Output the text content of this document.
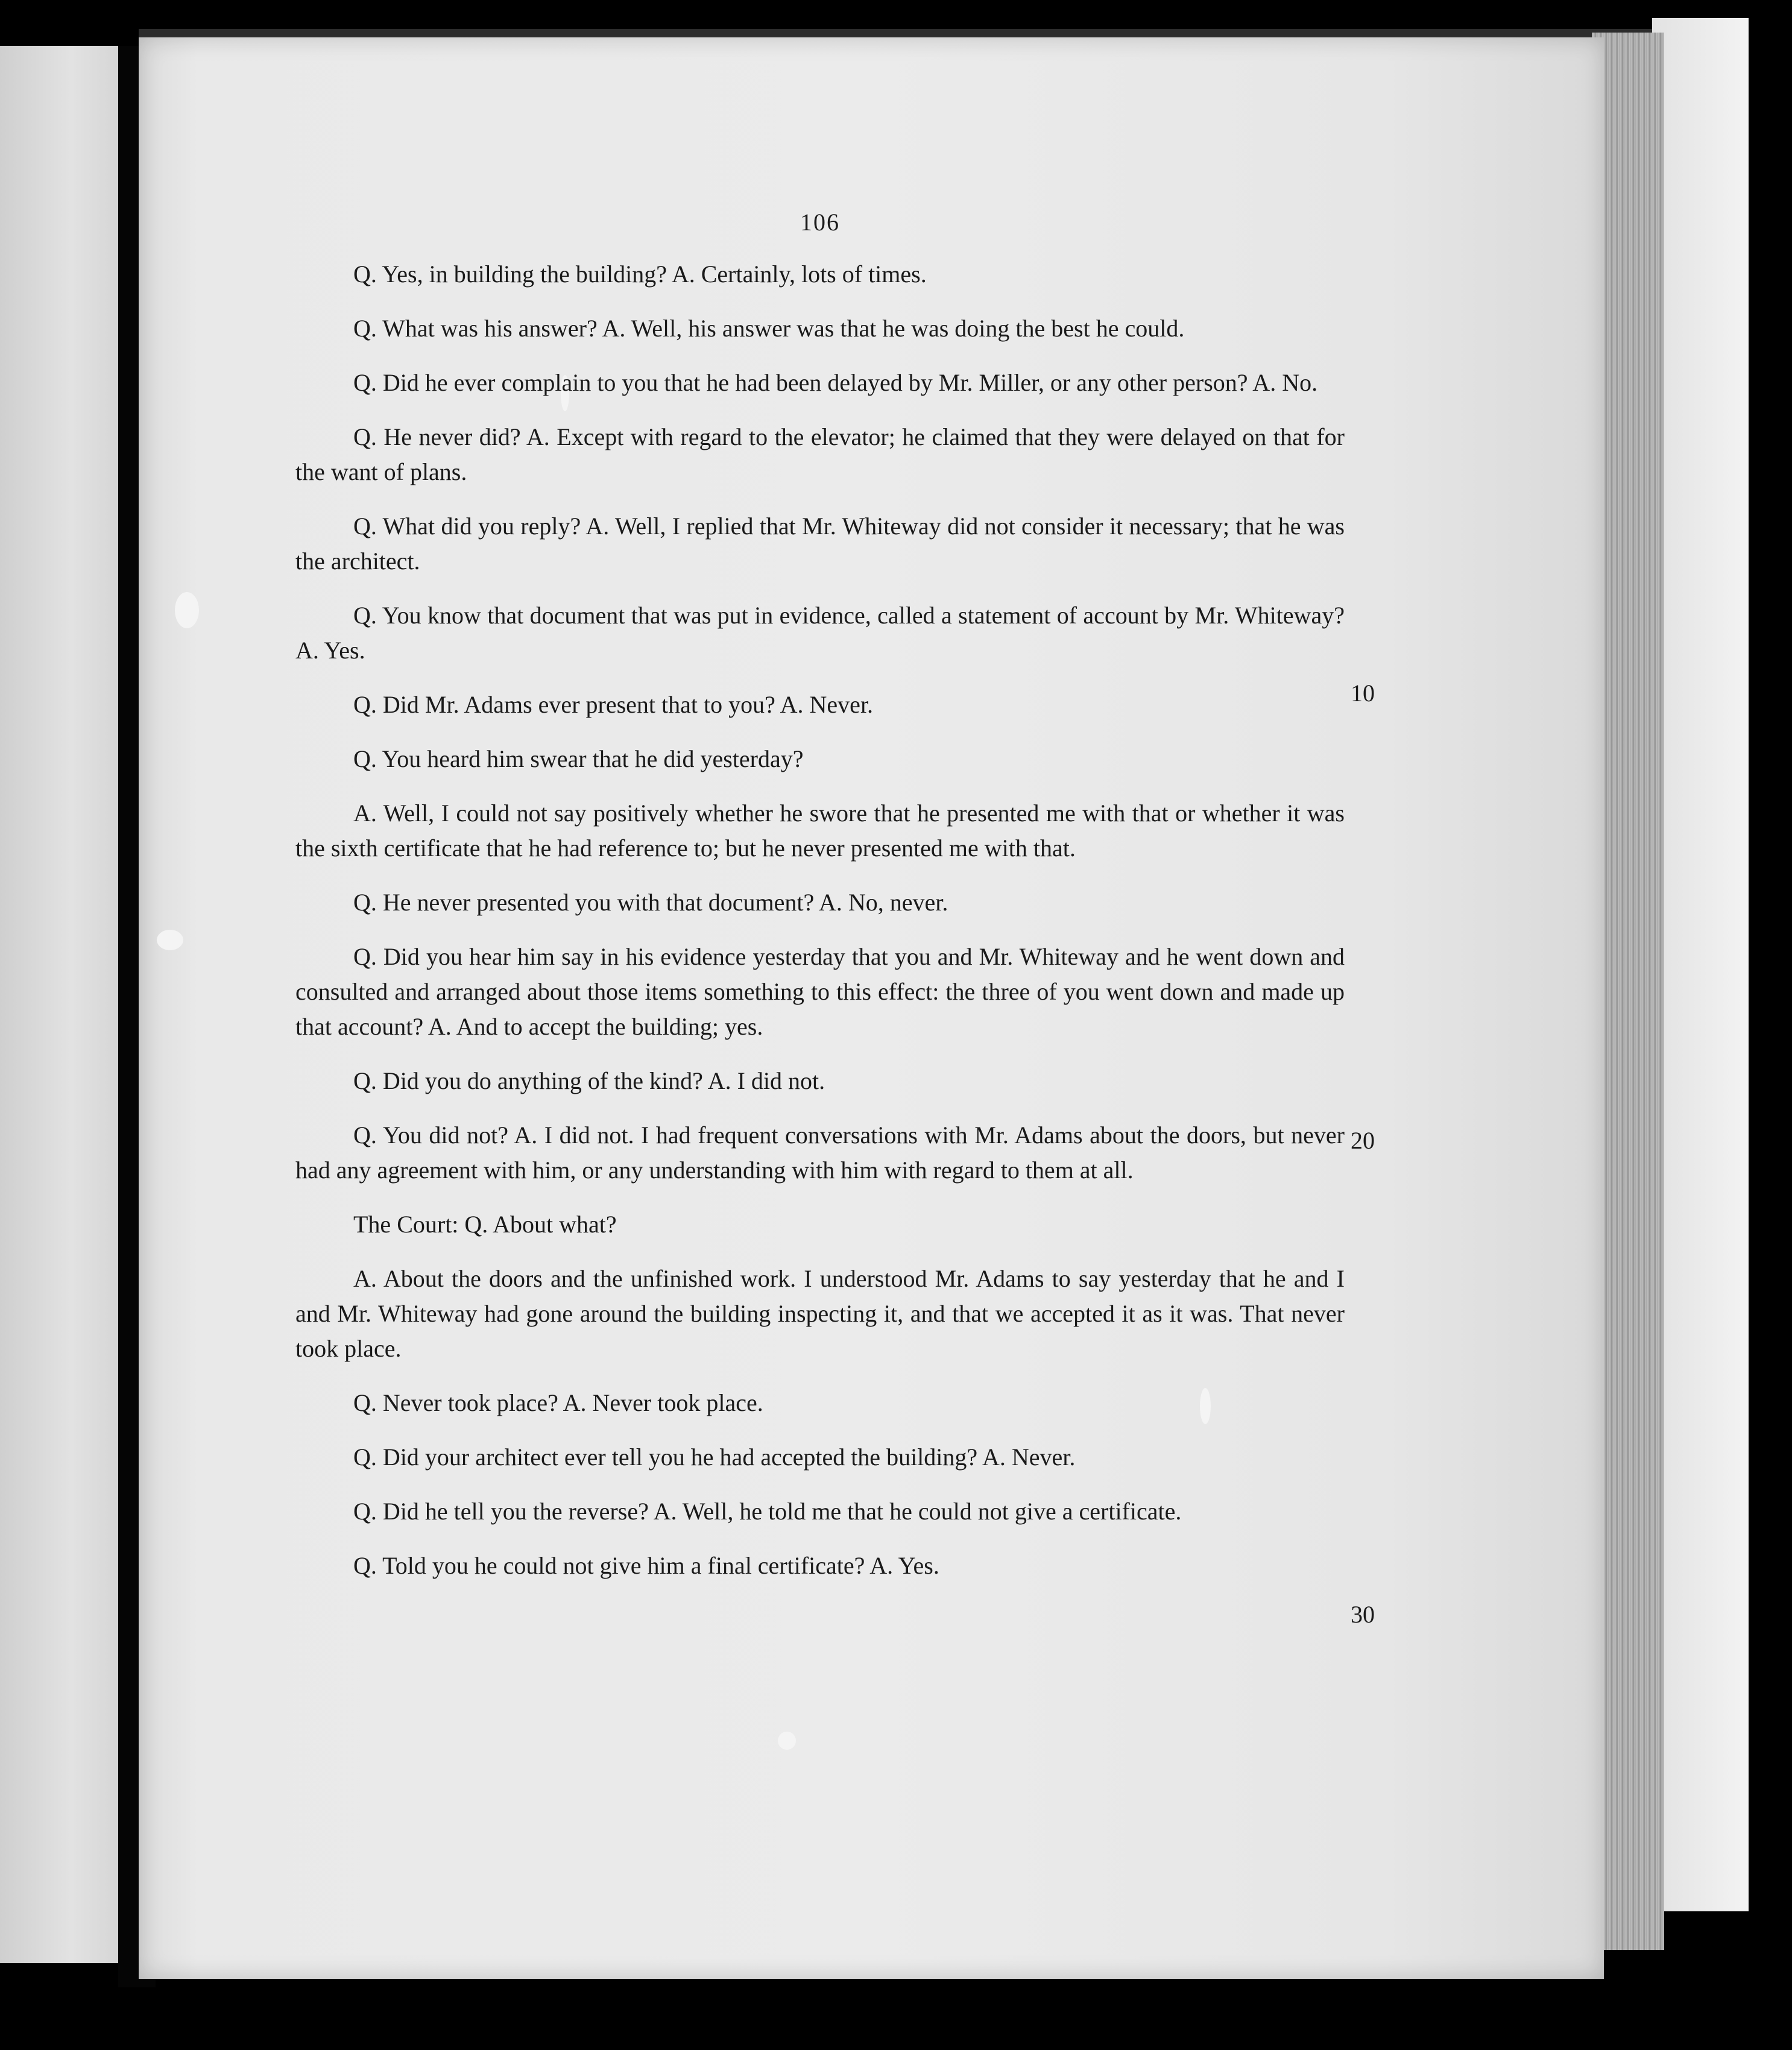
106

Q. Yes, in building the building? A. Certainly, lots of times.

Q. What was his answer? A. Well, his answer was that he was doing the best he could.

Q. Did he ever complain to you that he had been delayed by Mr. Miller, or any other person? A. No.

Q. He never did? A. Except with regard to the elevator; he claimed that they were delayed on that for the want of plans.

Q. What did you reply? A. Well, I replied that Mr. Whiteway did not consider it necessary; that he was the architect.

Q. You know that document that was put in evidence, called a statement of account by Mr. Whiteway? A. Yes.

Q. Did Mr. Adams ever present that to you? A. Never.

Q. You heard him swear that he did yesterday?

A. Well, I could not say positively whether he swore that he presented me with that or whether it was the sixth certificate that he had reference to; but he never presented me with that.

Q. He never presented you with that document? A. No, never.

Q. Did you hear him say in his evidence yesterday that you and Mr. Whiteway and he went down and consulted and arranged about those items something to this effect: the three of you went down and made up that account? A. And to accept the building; yes.

Q. Did you do anything of the kind? A. I did not.

Q. You did not? A. I did not. I had frequent conversations with Mr. Adams about the doors, but never had any agreement with him, or any understanding with him with regard to them at all.

The Court: Q. About what?

A. About the doors and the unfinished work. I understood Mr. Adams to say yesterday that he and I and Mr. Whiteway had gone around the building inspecting it, and that we accepted it as it was. That never took place.

Q. Never took place? A. Never took place.

Q. Did your architect ever tell you he had accepted the building? A. Never.

Q. Did he tell you the reverse? A. Well, he told me that he could not give a certificate.

Q. Told you he could not give him a final certificate? A. Yes.

10
20
30
